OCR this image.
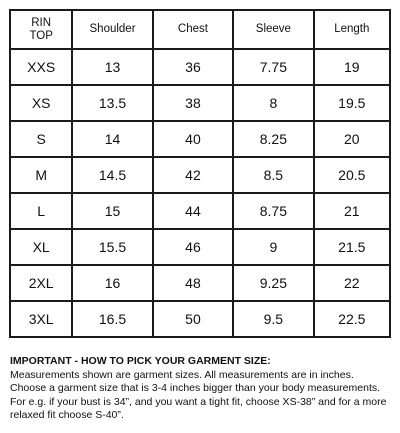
RIN
TOP	Shoulder	Chest	Sleeve	Length
XXS	13	36	7.75	19
XS	13.5	38	8	19.5
S	14	40	8.25	20
M	14.5	42	8.5	20.5
L	15	44	8.75	21
XL	15.5	46	9	21.5
2XL	16	48	9.25	22
3XL	16.5	50	9.5	22.5
IMPORTANT - HOW TO PICK YOUR GARMENT SIZE:
Measurements shown are garment sizes. All measurements are in inches.
Choose a garment size that is 3-4 inches bigger than your body measurements.
For e.g. if your bust is 34”, and you want a tight fit, choose XS-38” and for a more
relaxed fit choose S-40”.
